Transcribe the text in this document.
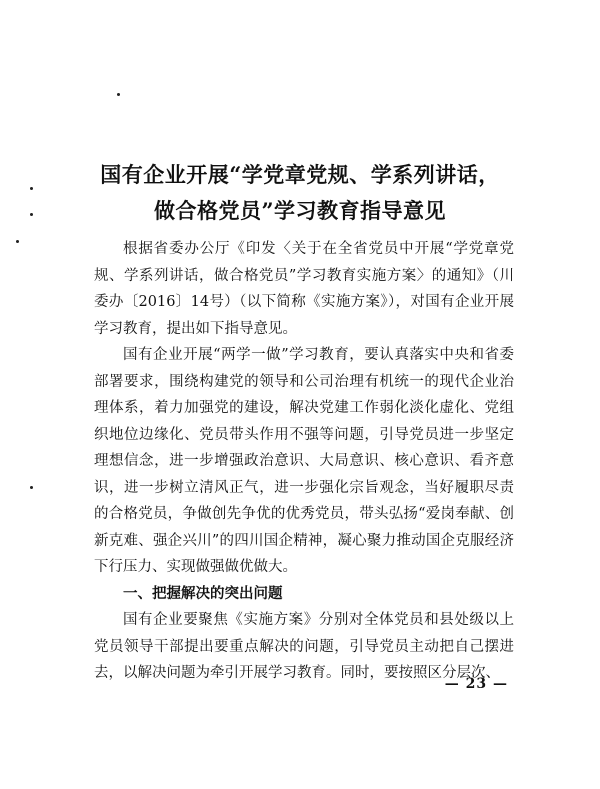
国有企业开展“学党章党规、学系列讲话，
做合格党员”学习教育指导意见

根据省委办公厅《印发〈关于在全省党员中开展“学党章党规、学系列讲话，做合格党员”学习教育实施方案〉的通知》（川委办〔2016〕14号）（以下简称《实施方案》），对国有企业开展学习教育，提出如下指导意见。

国有企业开展“两学一做”学习教育，要认真落实中央和省委部署要求，围绕构建党的领导和公司治理有机统一的现代企业治理体系，着力加强党的建设，解决党建工作弱化淡化虚化、党组织地位边缘化、党员带头作用不强等问题，引导党员进一步坚定理想信念，进一步增强政治意识、大局意识、核心意识、看齐意识，进一步树立清风正气，进一步强化宗旨观念，当好履职尽责的合格党员，争做创先争优的优秀党员，带头弘扬“爱岗奉献、创新克难、强企兴川”的四川国企精神，凝心聚力推动国企克服经济下行压力、实现做强做优做大。

一、把握解决的突出问题

国有企业要聚焦《实施方案》分别对全体党员和县处级以上党员领导干部提出要重点解决的问题，引导党员主动把自己摆进去，以解决问题为牵引开展学习教育。同时，要按照区分层次、

— 23 —
